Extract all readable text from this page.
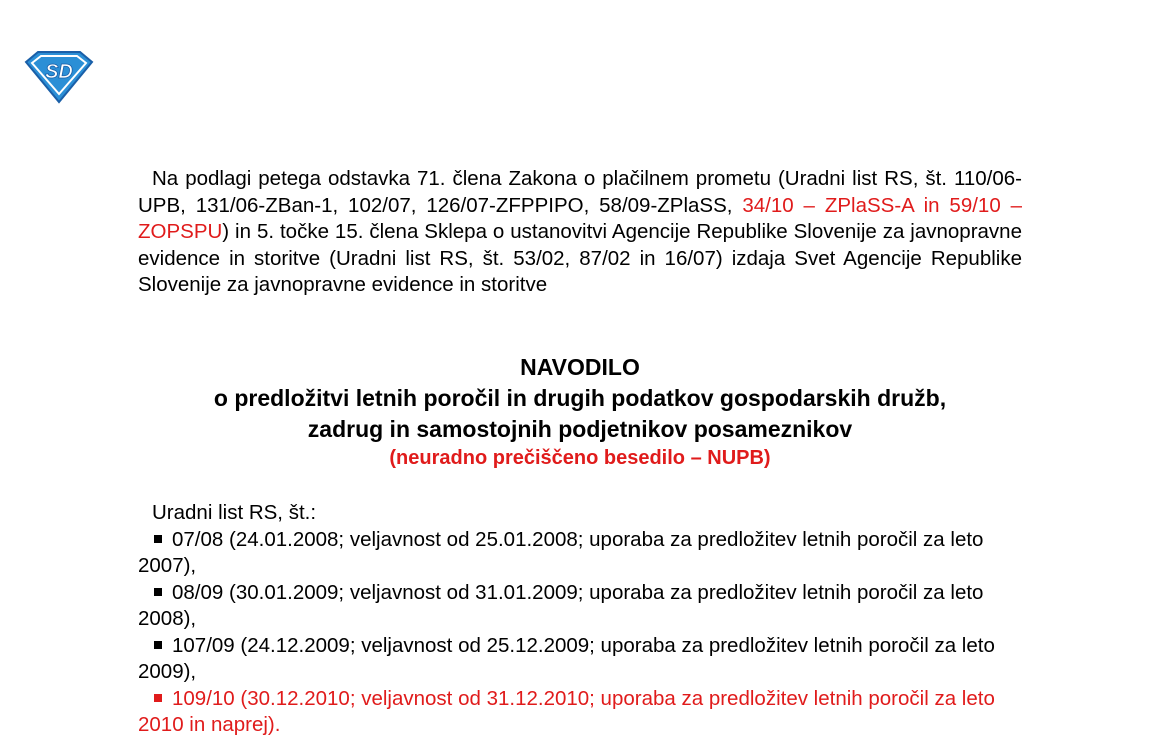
SD

Na podlagi petega odstavka 71. člena Zakona o plačilnem prometu (Uradni list RS, št. 110/06-UPB, 131/06-ZBan-1, 102/07, 126/07-ZFPPIPO, 58/09-ZPlaSS, 34/10 – ZPlaSS-A in 59/10 – ZOPSPU) in 5. točke 15. člena Sklepa o ustanovitvi Agencije Republike Slovenije za javnopravne evidence in storitve (Uradni list RS, št. 53/02, 87/02 in 16/07) izdaja Svet Agencije Republike Slovenije za javnopravne evidence in storitve

NAVODILO

o predložitvi letnih poročil in drugih podatkov gospodarskih družb,

zadrug in samostojnih podjetnikov posameznikov

(neuradno prečiščeno besedilo – NUPB)

Uradni list RS, št.:

07/08 (24.01.2008; veljavnost od 25.01.2008; uporaba za predložitev letnih poročil za leto 2007),
08/09 (30.01.2009; veljavnost od 31.01.2009; uporaba za predložitev letnih poročil za leto 2008),
107/09 (24.12.2009; veljavnost od 25.12.2009; uporaba za predložitev letnih poročil za leto 2009),
109/10 (30.12.2010; veljavnost od 31.12.2010; uporaba za predložitev letnih poročil za leto 2010 in naprej).
